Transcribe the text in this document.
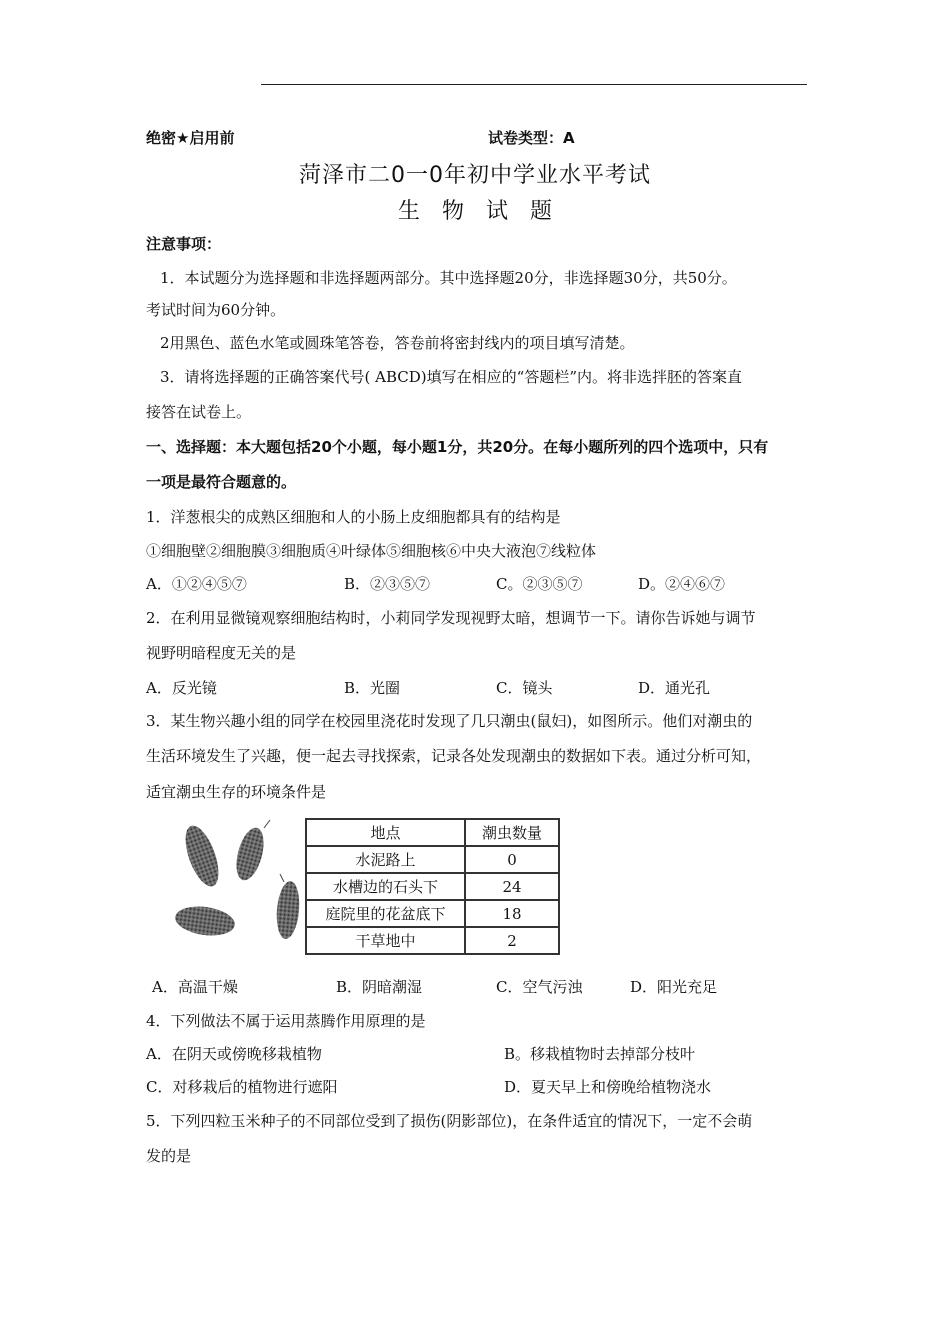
绝密★启用前	试卷类型：A
菏泽市二0一0年初中学业水平考试
生物试题
注意事项：
1．本试题分为选择题和非选择题两部分。其中选择题20分，非选择题30分，共50分。
考试时间为60分钟。
2用黑色、蓝色水笔或圆珠笔答卷，答卷前将密封线内的项目填写清楚。
3．请将选择题的正确答案代号( ABCD)填写在相应的“答题栏”内。将非选拌胚的答案直
接答在试卷上。
一、选择题：本大题包括20个小题，每小题1分，共20分。在每小题所列的四个选项中，只有
一项是最符合题意的。
1．洋葱根尖的成熟区细胞和人的小肠上皮细胞都具有的结构是
①细胞壁②细胞膜③细胞质④叶绿体⑤细胞核⑥中央大液泡⑦线粒体
A．①②④⑤⑦	B．②③⑤⑦	C。②③⑤⑦	D。②④⑥⑦
2．在利用显微镜观察细胞结构时，小莉同学发现视野太暗，想调节一下。请你告诉她与调节
视野明暗程度无关的是
A．反光镜	B．光圈	C．镜头	D．通光孔
3．某生物兴趣小组的同学在校园里浇花时发现了几只潮虫(鼠妇)，如图所示。他们对潮虫的
生活环境发生了兴趣，便一起去寻找探索，记录各处发现潮虫的数据如下表。通过分析可知，
适宜潮虫生存的环境条件是
地点	潮虫数量
水泥路上	0
水槽边的石头下	24
庭院里的花盆底下	18
干草地中	2
A．高温干燥	B．阴暗潮湿	C．空气污浊	D．阳光充足
4．下列做法不属于运用蒸腾作用原理的是
A．在阴天或傍晚移栽植物	B。移栽植物时去掉部分枝叶
C．对移栽后的植物进行遮阳	D．夏天早上和傍晚给植物浇水
5．下列四粒玉米种子的不同部位受到了损伤(阴影部位)，在条件适宜的情况下，一定不会萌
发的是
